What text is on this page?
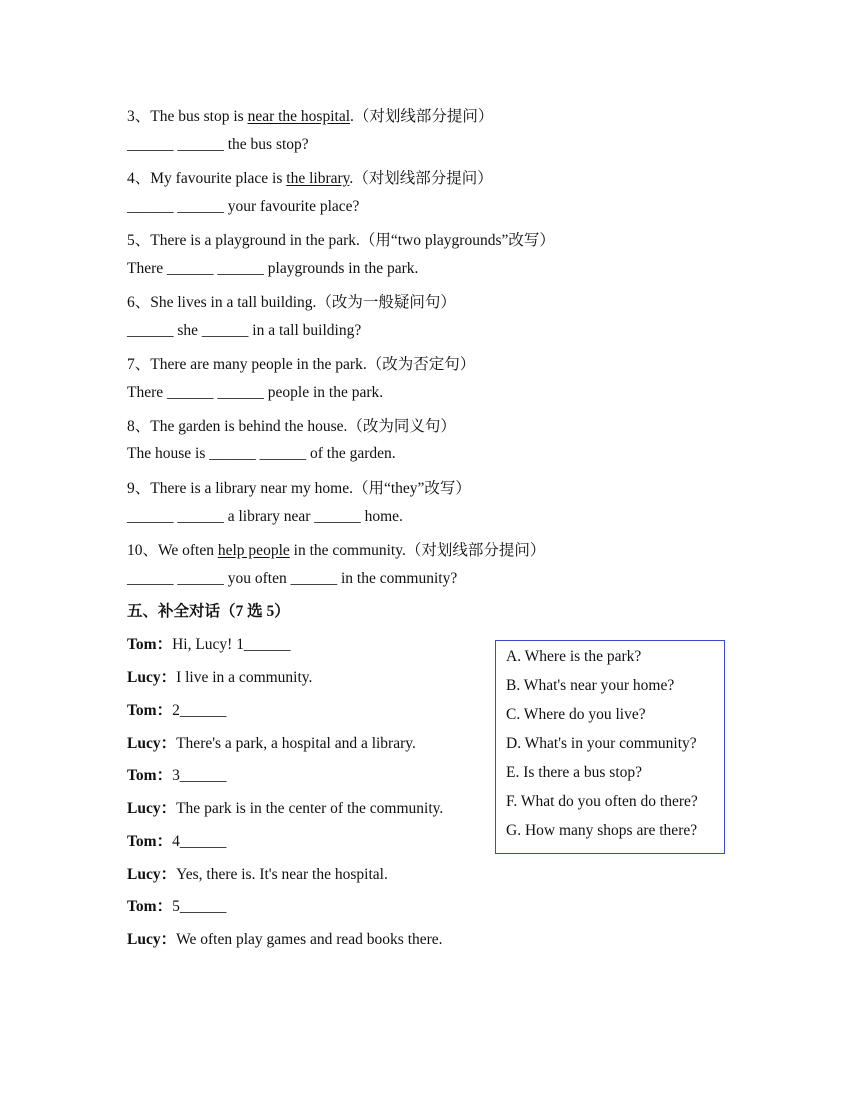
3、The bus stop is near the hospital.（对划线部分提问）
______ ______ the bus stop?
4、My favourite place is the library.（对划线部分提问）
______ ______ your favourite place?
5、There is a playground in the park.（用“two playgrounds”改写）
There ______ ______ playgrounds in the park.
6、She lives in a tall building.（改为一般疑问句）
______ she ______ in a tall building?
7、There are many people in the park.（改为否定句）
There ______ ______ people in the park.
8、The garden is behind the house.（改为同义句）
The house is ______ ______ of the garden.
9、There is a library near my home.（用“they”改写）
______ ______ a library near ______ home.
10、We often help people in the community.（对划线部分提问）
______ ______ you often ______ in the community?
五、补全对话（7 选 5）
Tom：Hi, Lucy! 1______
Lucy：I live in a community.
Tom：2______
Lucy：There's a park, a hospital and a library.
Tom：3______
Lucy：The park is in the center of the community.
Tom：4______
Lucy：Yes, there is. It's near the hospital.
Tom：5______
Lucy：We often play games and read books there.
A. Where is the park?
B. What's near your home?
C. Where do you live?
D. What's in your community?
E. Is there a bus stop?
F. What do you often do there?
G. How many shops are there?
